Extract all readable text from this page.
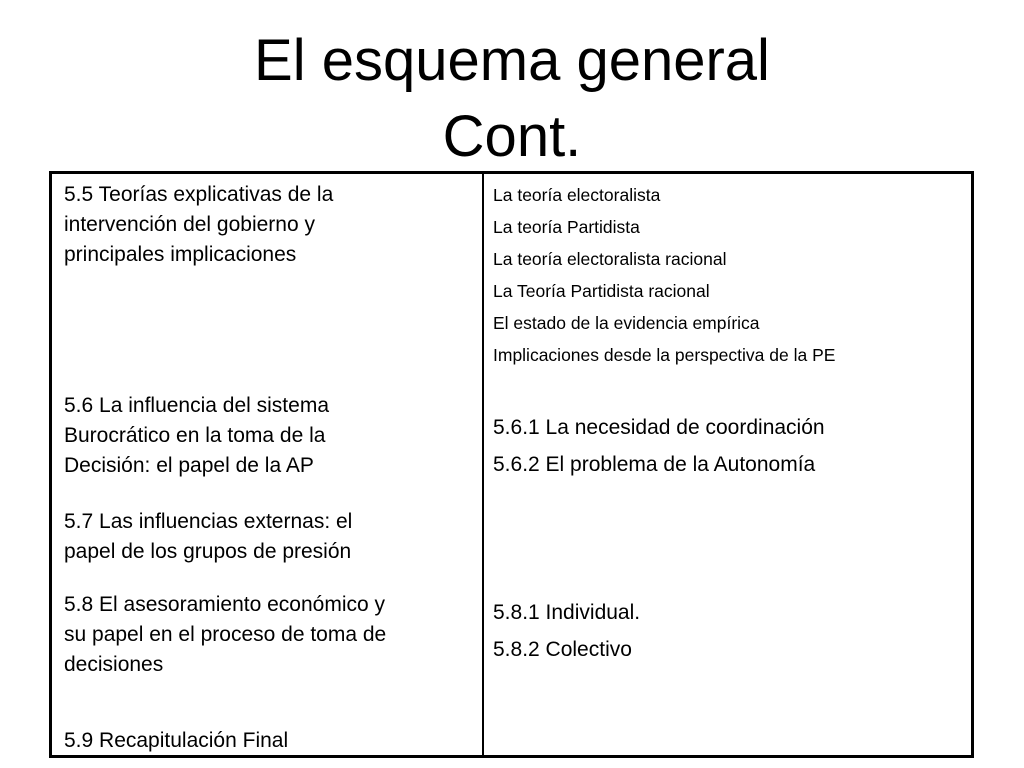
El esquema general
Cont.
5.5 Teorías explicativas de la
intervención del gobierno y
principales implicaciones
5.6 La influencia del sistema
Burocrático en la toma de la
Decisión: el papel de la AP
5.7 Las influencias externas: el
papel de los grupos de presión
5.8 El asesoramiento económico y
su papel en el proceso de toma de
decisiones
5.9 Recapitulación Final
La teoría electoralista
La teoría Partidista
La teoría electoralista racional
La Teoría Partidista racional
El estado de la evidencia empírica
Implicaciones desde la perspectiva de la PE
5.6.1 La necesidad de coordinación
5.6.2 El problema de la Autonomía
5.8.1 Individual.
5.8.2 Colectivo
